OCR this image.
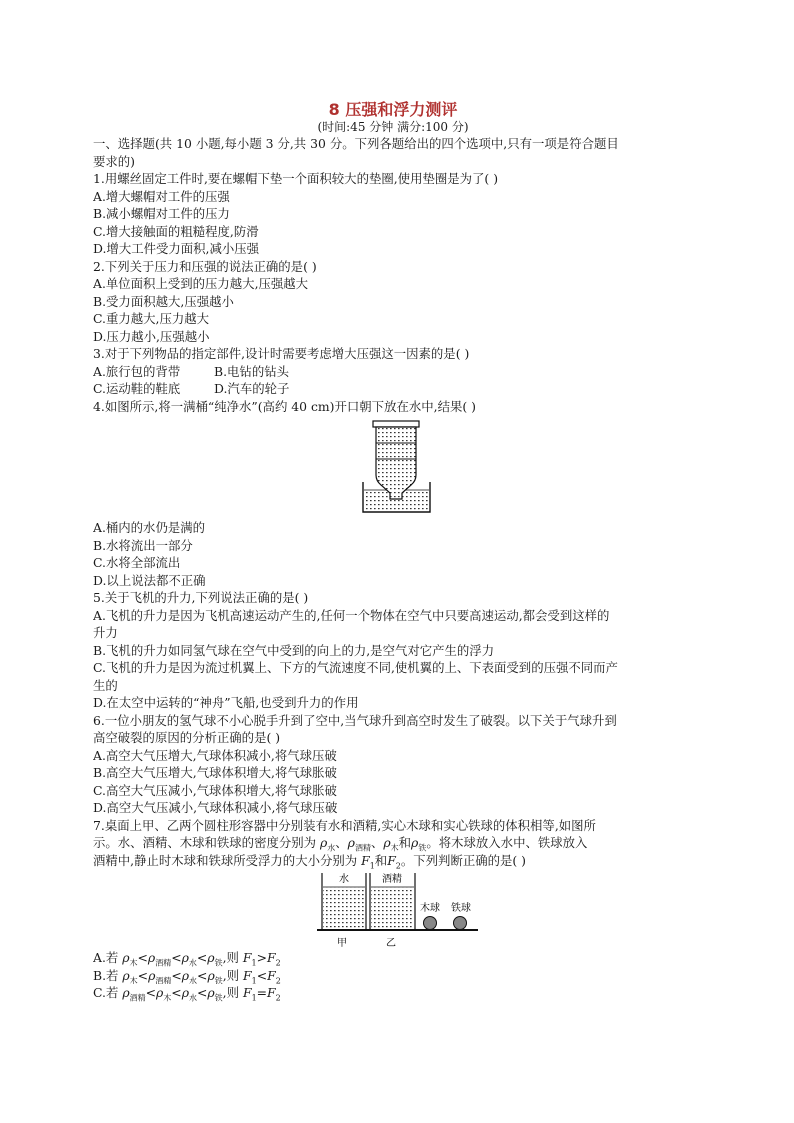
8 压强和浮力测评
(时间:45 分钟 满分:100 分)
一、选择题(共 10 小题,每小题 3 分,共 30 分。下列各题给出的四个选项中,只有一项是符合题目
要求的)
1.用螺丝固定工件时,要在螺帽下垫一个面积较大的垫圈,使用垫圈是为了( )
A.增大螺帽对工件的压强
B.减小螺帽对工件的压力
C.增大接触面的粗糙程度,防滑
D.增大工件受力面积,减小压强
2.下列关于压力和压强的说法正确的是( )
A.单位面积上受到的压力越大,压强越大
B.受力面积越大,压强越小
C.重力越大,压力越大
D.压力越小,压强越小
3.对于下列物品的指定部件,设计时需要考虑增大压强这一因素的是( )
A.旅行包的背带	B.电钻的钻头
C.运动鞋的鞋底	D.汽车的轮子
4.如图所示,将一满桶“纯净水”(高约 40 cm)开口朝下放在水中,结果( )
A.桶内的水仍是满的
B.水将流出一部分
C.水将全部流出
D.以上说法都不正确
5.关于飞机的升力,下列说法正确的是( )
A.飞机的升力是因为飞机高速运动产生的,任何一个物体在空气中只要高速运动,都会受到这样的
升力
B.飞机的升力如同氢气球在空气中受到的向上的力,是空气对它产生的浮力
C.飞机的升力是因为流过机翼上、下方的气流速度不同,使机翼的上、下表面受到的压强不同而产
生的
D.在太空中运转的“神舟”飞船,也受到升力的作用
6.一位小朋友的氢气球不小心脱手升到了空中,当气球升到高空时发生了破裂。以下关于气球升到
高空破裂的原因的分析正确的是( )
A.高空大气压增大,气球体积减小,将气球压破
B.高空大气压增大,气球体积增大,将气球胀破
C.高空大气压减小,气球体积增大,将气球胀破
D.高空大气压减小,气球体积减小,将气球压破
7.桌面上甲、乙两个圆柱形容器中分别装有水和酒精,实心木球和实心铁球的体积相等,如图所
示。水、酒精、木球和铁球的密度分别为 $\rho_水$、$\rho_{酒精}$、$\rho_木$和$\rho_铁$。将木球放入水中、铁球放入
酒精中,静止时木球和铁球所受浮力的大小分别为 $F_1$和$F_2$。下列判断正确的是( )
水	酒精
木球 铁球
甲	乙
A.若 $\rho_木<\rho_{酒精}<\rho_水<\rho_铁$,则 $F_1>F_2$
B.若 $\rho_木<\rho_{酒精}<\rho_水<\rho_铁$,则 $F_1<F_2$
C.若 $\rho_{酒精}<\rho_木<\rho_水<\rho_铁$,则 $F_1=F_2$
